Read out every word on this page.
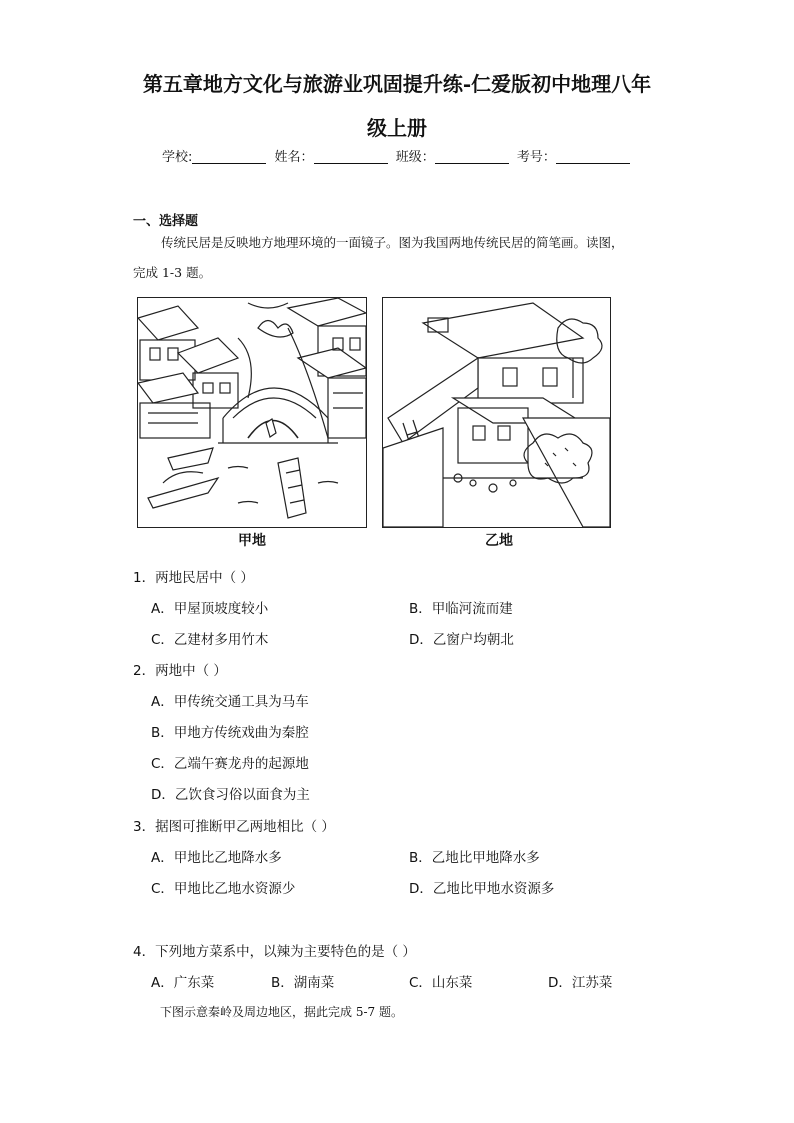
第五章地方文化与旅游业巩固提升练-仁爱版初中地理八年
级上册
学校:	姓名：	班级：	考号：
一、选择题
传统民居是反映地方地理环境的一面镜子。图为我国两地传统民居的简笔画。读图，
完成 1-3 题。
甲地	乙地
1．两地民居中（ ）
A．甲屋顶坡度较小	B．甲临河流而建
C．乙建材多用竹木	D．乙窗户均朝北
2．两地中（ ）
A．甲传统交通工具为马车
B．甲地方传统戏曲为秦腔
C．乙端午赛龙舟的起源地
D．乙饮食习俗以面食为主
3．据图可推断甲乙两地相比（ ）
A．甲地比乙地降水多	B．乙地比甲地降水多
C．甲地比乙地水资源少	D．乙地比甲地水资源多
4．下列地方菜系中，以辣为主要特色的是（ ）
A．广东菜	B．湖南菜	C．山东菜	D．江苏菜
下图示意秦岭及周边地区，据此完成 5-7 题。
